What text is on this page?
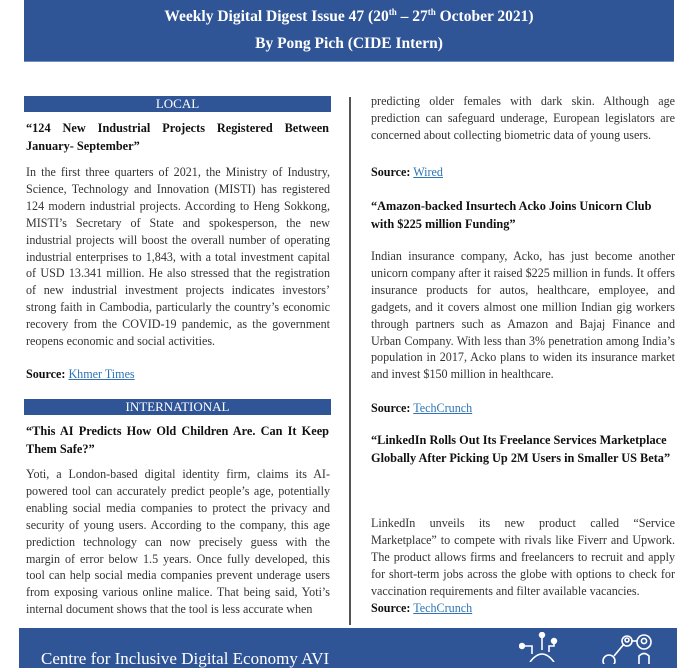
Weekly Digital Digest Issue 47 (20th – 27th October 2021)
By Pong Pich (CIDE Intern)
LOCAL
“124 New Industrial Projects Registered Between January- September”
In the first three quarters of 2021, the Ministry of Industry, Science, Technology and Innovation (MISTI) has registered 124 modern industrial projects. According to Heng Sokkong, MISTI’s Secretary of State and spokesperson, the new industrial projects will boost the overall number of operating industrial enterprises to 1,843, with a total investment capital of USD 13.341 million. He also stressed that the registration of new industrial investment projects indicates investors’ strong faith in Cambodia, particularly the country’s economic recovery from the COVID-19 pandemic, as the government reopens economic and social activities.
Source: Khmer Times
INTERNATIONAL
“This AI Predicts How Old Children Are. Can It Keep Them Safe?”
Yoti, a London-based digital identity firm, claims its AI-powered tool can accurately predict people’s age, potentially enabling social media companies to protect the privacy and security of young users. According to the company, this age prediction technology can now precisely guess with the margin of error below 1.5 years. Once fully developed, this tool can help social media companies prevent underage users from exposing various online malice. That being said, Yoti’s internal document shows that the tool is less accurate when
predicting older females with dark skin. Although age prediction can safeguard underage, European legislators are concerned about collecting biometric data of young users.
Source: Wired
“Amazon-backed Insurtech Acko Joins Unicorn Club with $225 million Funding”
Indian insurance company, Acko, has just become another unicorn company after it raised $225 million in funds. It offers insurance products for autos, healthcare, employee, and gadgets, and it covers almost one million Indian gig workers through partners such as Amazon and Bajaj Finance and Urban Company. With less than 3% penetration among India’s population in 2017, Acko plans to widen its insurance market and invest $150 million in healthcare.
Source: TechCrunch
“LinkedIn Rolls Out Its Freelance Services Marketplace Globally After Picking Up 2M Users in Smaller US Beta”
LinkedIn unveils its new product called “Service Marketplace” to compete with rivals like Fiverr and Upwork. The product allows firms and freelancers to recruit and apply for short-term jobs across the globe with options to check for vaccination requirements and filter available vacancies.
Source: TechCrunch
Centre for Inclusive Digital Economy AVI
